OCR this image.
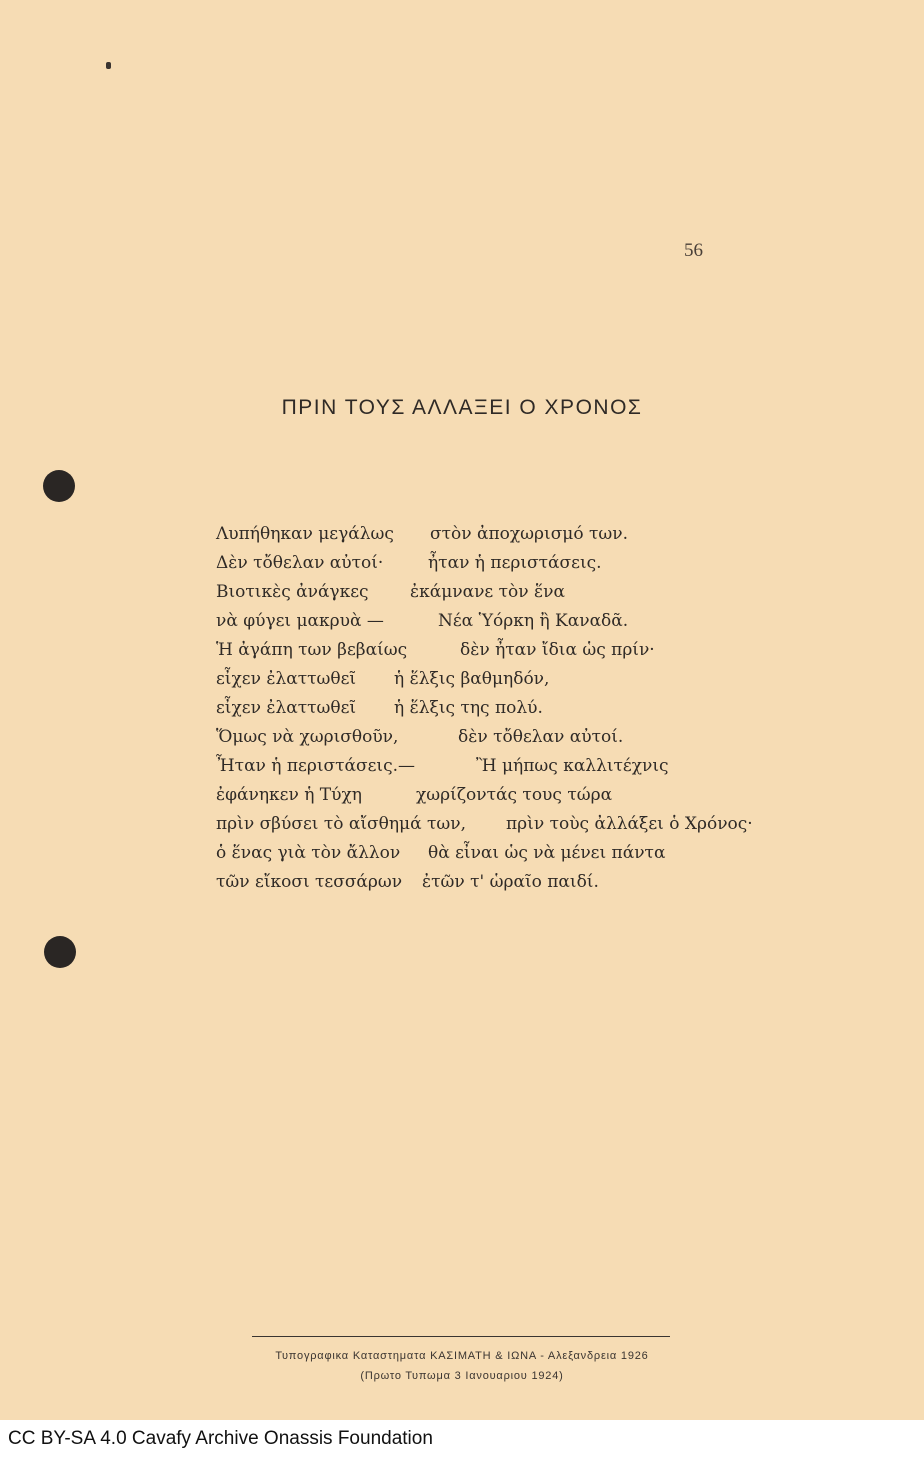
56
ΠΡΙΝ ΤΟΥΣ ΑΛΛΑΞΕΙ Ο ΧΡΟΝΟΣ
Λυπήθηκαν μεγάλως στὸν ἀποχωρισμό των.
Δὲν τὄθελαν αὐτοί·	ἦταν ἡ περιστάσεις.
Βιοτικὲς ἀνάγκες ἐκάμνανε τὸν ἕνα
νὰ φύγει μακρυὰ —	Νέα Ὑόρκη ἢ Καναδᾶ.
Ἡ ἀγάπη των βεβαίως	δὲν ἦταν ἴδια ὡς πρίν·
εἶχεν ἐλαττωθεῖ ἡ ἕλξις βαθμηδόν,
εἶχεν ἐλαττωθεῖ ἡ ἕλξις της πολύ.
Ὅμως νὰ χωρισθοῦν,	δὲν τὄθελαν αὐτοί.
Ἦταν ἡ περιστάσεις.—	Ἢ μήπως καλλιτέχνις
ἐφάνηκεν ἡ Τύχη	χωρίζοντάς τους τώρα
πρὶν σβύσει τὸ αἴσθημά των, πρὶν τοὺς ἀλλάξει ὁ Χρόνος·
ὁ ἕνας γιὰ τὸν ἄλλον θὰ εἶναι ὡς νὰ μένει πάντα
τῶν εἴκοσι τεσσάρων ἐτῶν τ' ὡραῖο παιδί.
Τυπογραφικα Καταστηματα ΚΑΣΙΜΑΤΗ & ΙΩΝΑ - Αλεξανδρεια 1926
(Πρωτο Τυπωμα 3 Ιανουαριου 1924)
CC BY-SA 4.0 Cavafy Archive Onassis Foundation
